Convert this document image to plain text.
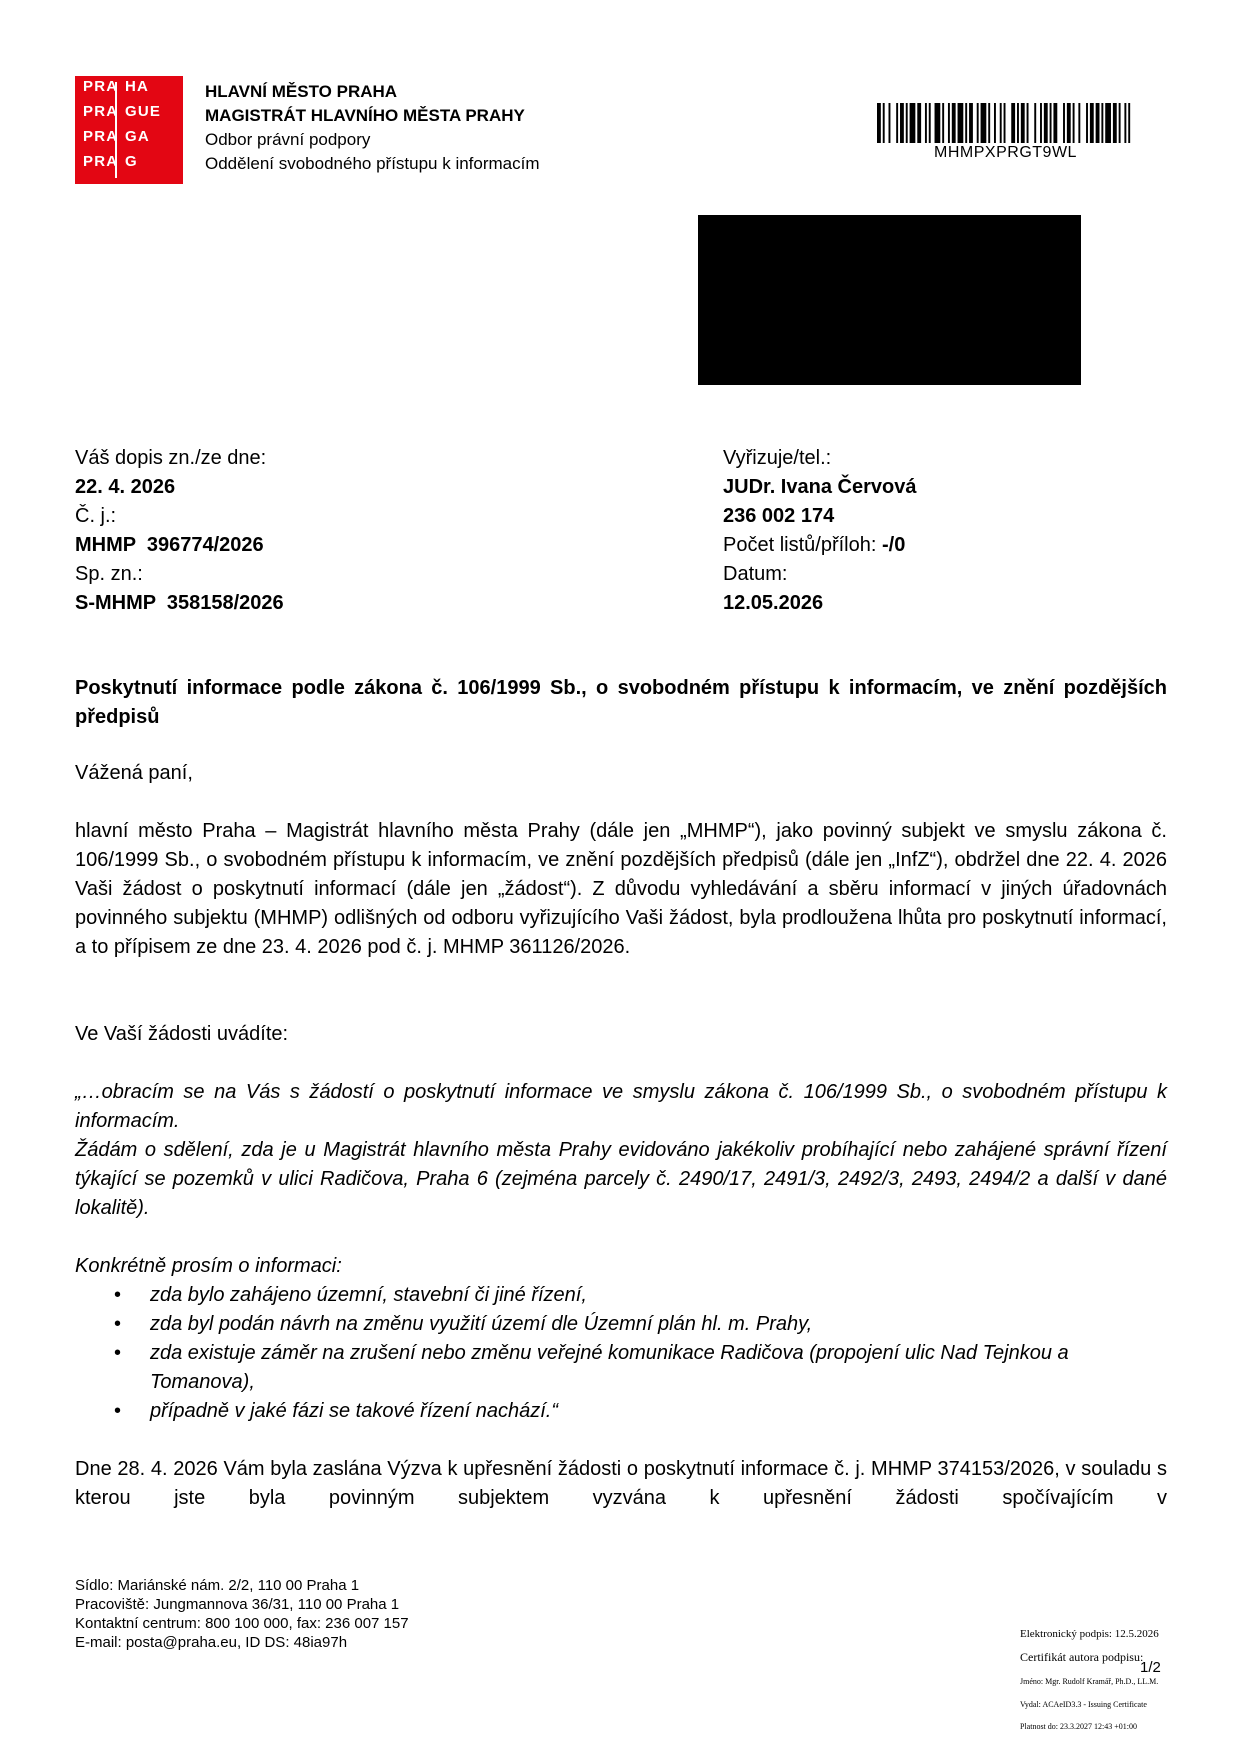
PRA HA
PRA GUE
PRA GA
PRA G
HLAVNÍ MĚSTO PRAHA
MAGISTRÁT HLAVNÍHO MĚSTA PRAHY
Odbor právní podpory
Oddělení svobodného přístupu k informacím
MHMPXPRGT9WL
Váš dopis zn./ze dne:
22. 4. 2026
Č. j.:
MHMP  396774/2026
Sp. zn.:
S-MHMP  358158/2026
Vyřizuje/tel.:
JUDr. Ivana Červová
236 002 174
Počet listů/příloh: -/0
Datum:
12.05.2026
Poskytnutí informace podle zákona č. 106/1999 Sb., o svobodném přístupu k informacím, ve znění pozdějších předpisů
Vážená paní,
hlavní město Praha – Magistrát hlavního města Prahy (dále jen „MHMP“), jako povinný subjekt ve smyslu zákona č. 106/1999 Sb., o svobodném přístupu k informacím, ve znění pozdějších předpisů (dále jen „InfZ“), obdržel dne 22. 4. 2026 Vaši žádost o poskytnutí informací (dále jen „žádost“). Z důvodu vyhledávání a sběru informací v jiných úřadovnách povinného subjektu (MHMP) odlišných od odboru vyřizujícího Vaši žádost, byla prodloužena lhůta pro poskytnutí informací, a to přípisem ze dne 23. 4. 2026 pod č. j. MHMP 361126/2026.
Ve Vaší žádosti uvádíte:
„…obracím se na Vás s žádostí o poskytnutí informace ve smyslu zákona č. 106/1999 Sb., o svobodném přístupu k informacím.
Žádám o sdělení, zda je u Magistrát hlavního města Prahy evidováno jakékoliv probíhající nebo zahájené správní řízení týkající se pozemků v ulici Radičova, Praha 6 (zejména parcely č. 2490/17, 2491/3, 2492/3, 2493, 2494/2 a další v dané lokalitě).
Konkrétně prosím o informaci:
• zda bylo zahájeno územní, stavební či jiné řízení,
• zda byl podán návrh na změnu využití území dle Územní plán hl. m. Prahy,
• zda existuje záměr na zrušení nebo změnu veřejné komunikace Radičova (propojení ulic Nad Tejnkou a Tomanova),
• případně v jaké fázi se takové řízení nachází.“
Dne 28. 4. 2026 Vám byla zaslána Výzva k upřesnění žádosti o poskytnutí informace č. j. MHMP 374153/2026, v souladu s kterou jste byla povinným subjektem vyzvána k upřesnění žádosti spočívajícím v
Sídlo: Mariánské nám. 2/2, 110 00 Praha 1
Pracoviště: Jungmannova 36/31, 110 00 Praha 1
Kontaktní centrum: 800 100 000, fax: 236 007 157
E-mail: posta@praha.eu, ID DS: 48ia97h	Elektronický podpis: 12.5.2026
Certifikát autora podpisu:
1/2
Jméno: Mgr. Rudolf Kramář, Ph.D., LL.M.
Vydal: ACAeID3.3 - Issuing Certificate
Platnost do: 23.3.2027 12:43 +01:00
